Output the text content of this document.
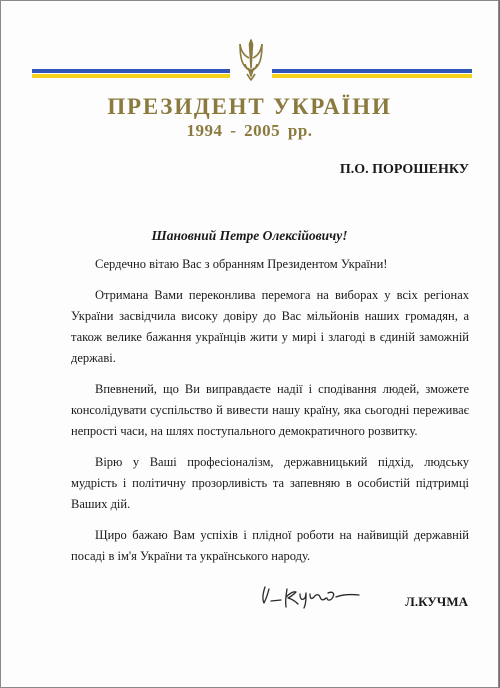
ПРЕЗИДЕНТ УКРАЇНИ
1994 - 2005 рр.
П.О. ПОРОШЕНКУ
Шановний Петре Олексійовичу!

Сердечно вітаю Вас з обранням Президентом України!

Отримана Вами переконлива перемога на виборах у всіх регіонах України засвідчила високу довіру до Вас мільйонів наших громадян, а також велике бажання українців жити у мирі і злагоді в єдиній заможній державі.

Впевнений, що Ви виправдаєте надії і сподівання людей, зможете консолідувати суспільство й вивести нашу країну, яка сьогодні переживає непрості часи, на шлях поступального демократичного розвитку.

Вірю у Ваші професіоналізм, державницький підхід, людську мудрість і політичну прозорливість та запевняю в особистій підтримці Ваших дій.

Щиро бажаю Вам успіхів і плідної роботи на найвищій державній посаді в ім'я України та українського народу.

Л.КУЧМА
